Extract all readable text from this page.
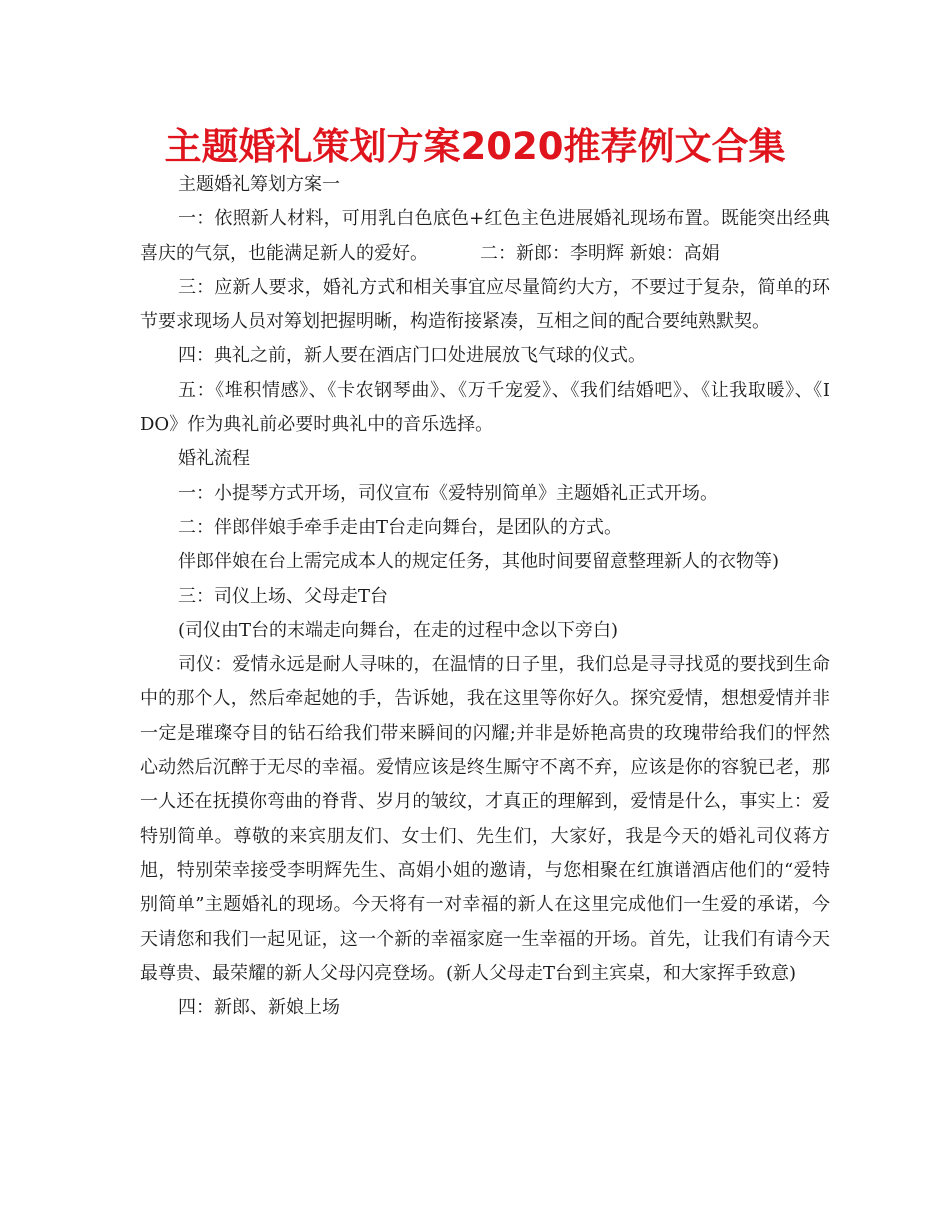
主题婚礼策划方案2020推荐例文合集

主题婚礼筹划方案一

一：依照新人材料，可用乳白色底色+红色主色进展婚礼现场布置。既能突出经典喜庆的气氛，也能满足新人的爱好。	二：新郎：李明辉 新娘：高娟

三：应新人要求，婚礼方式和相关事宜应尽量简约大方，不要过于复杂，简单的环节要求现场人员对筹划把握明晰，构造衔接紧凑，互相之间的配合要纯熟默契。

四：典礼之前，新人要在酒店门口处进展放飞气球的仪式。

五：《堆积情感》、《卡农钢琴曲》、《万千宠爱》、《我们结婚吧》、《让我取暖》、《I DO》作为典礼前必要时典礼中的音乐选择。

婚礼流程

一：小提琴方式开场，司仪宣布《爱特别简单》主题婚礼正式开场。

二：伴郎伴娘手牵手走由T台走向舞台，是团队的方式。

伴郎伴娘在台上需完成本人的规定任务，其他时间要留意整理新人的衣物等)

三：司仪上场、父母走T台

(司仪由T台的末端走向舞台，在走的过程中念以下旁白)

司仪：爱情永远是耐人寻味的，在温情的日子里，我们总是寻寻找觅的要找到生命中的那个人，然后牵起她的手，告诉她，我在这里等你好久。探究爱情，想想爱情并非一定是璀璨夺目的钻石给我们带来瞬间的闪耀;并非是娇艳高贵的玫瑰带给我们的怦然心动然后沉醉于无尽的幸福。爱情应该是终生厮守不离不弃，应该是你的容貌已老，那一人还在抚摸你弯曲的脊背、岁月的皱纹，才真正的理解到，爱情是什么，事实上：爱特别简单。尊敬的来宾朋友们、女士们、先生们，大家好，我是今天的婚礼司仪蒋方旭，特别荣幸接受李明辉先生、高娟小姐的邀请，与您相聚在红旗谱酒店他们的“爱特别简单”主题婚礼的现场。今天将有一对幸福的新人在这里完成他们一生爱的承诺，今天请您和我们一起见证，这一个新的幸福家庭一生幸福的开场。首先，让我们有请今天最尊贵、最荣耀的新人父母闪亮登场。(新人父母走T台到主宾桌，和大家挥手致意)

四：新郎、新娘上场
